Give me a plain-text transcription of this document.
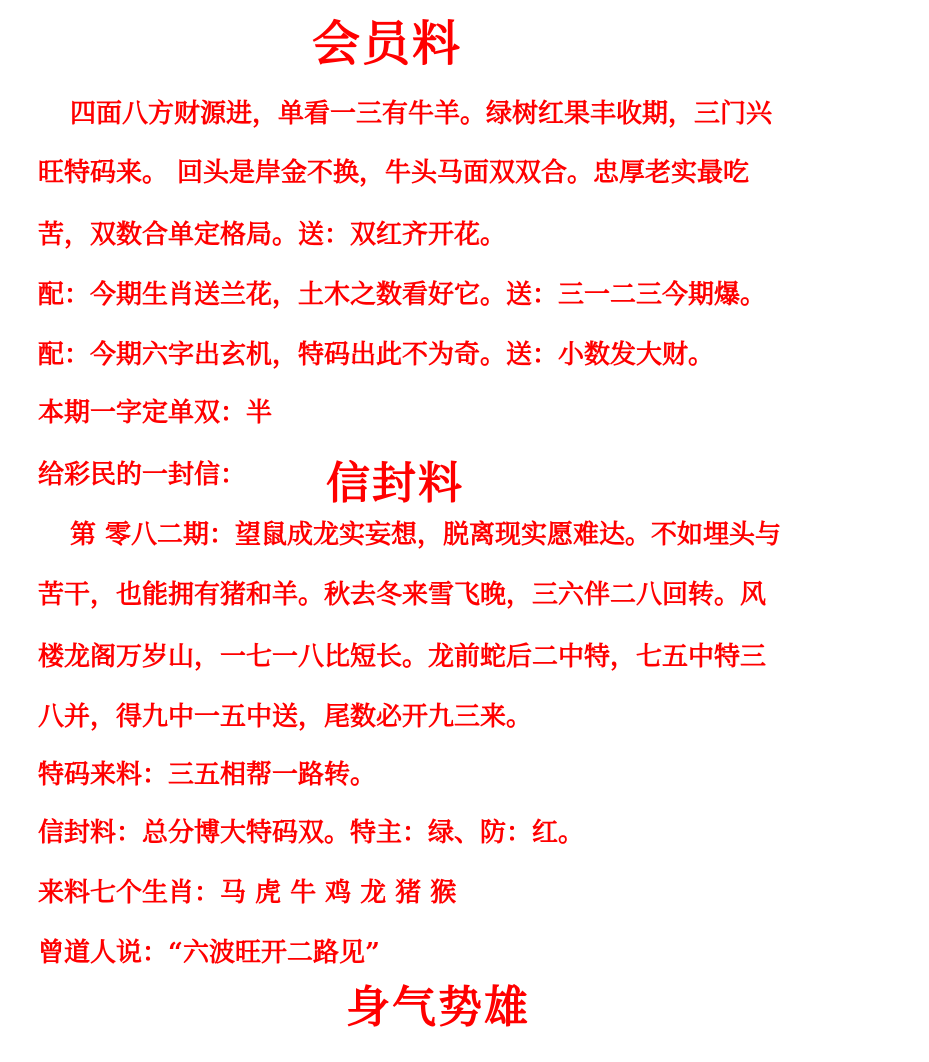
会员料
四面八方财源进，单看一三有牛羊。绿树红果丰收期，三门兴
旺特码来。 回头是岸金不换，牛头马面双双合。忠厚老实最吃
苦，双数合单定格局。送：双红齐开花。
配：今期生肖送兰花，土木之数看好它。送：三一二三今期爆。
配：今期六字出玄机，特码出此不为奇。送：小数发大财。
本期一字定单双：半
给彩民的一封信： 信封料
第 零八二期：望鼠成龙实妄想，脱离现实愿难达。不如埋头与
苦干，也能拥有猪和羊。秋去冬来雪飞晚，三六伴二八回转。风
楼龙阁万岁山，一七一八比短长。龙前蛇后二中特，七五中特三
八并，得九中一五中送，尾数必开九三来。
特码来料：三五相帮一路转。
信封料：总分博大特码双。特主：绿、防：红。
来料七个生肖：马 虎 牛 鸡 龙 猪 猴
曾道人说：“六波旺开二路见”
身气势雄
